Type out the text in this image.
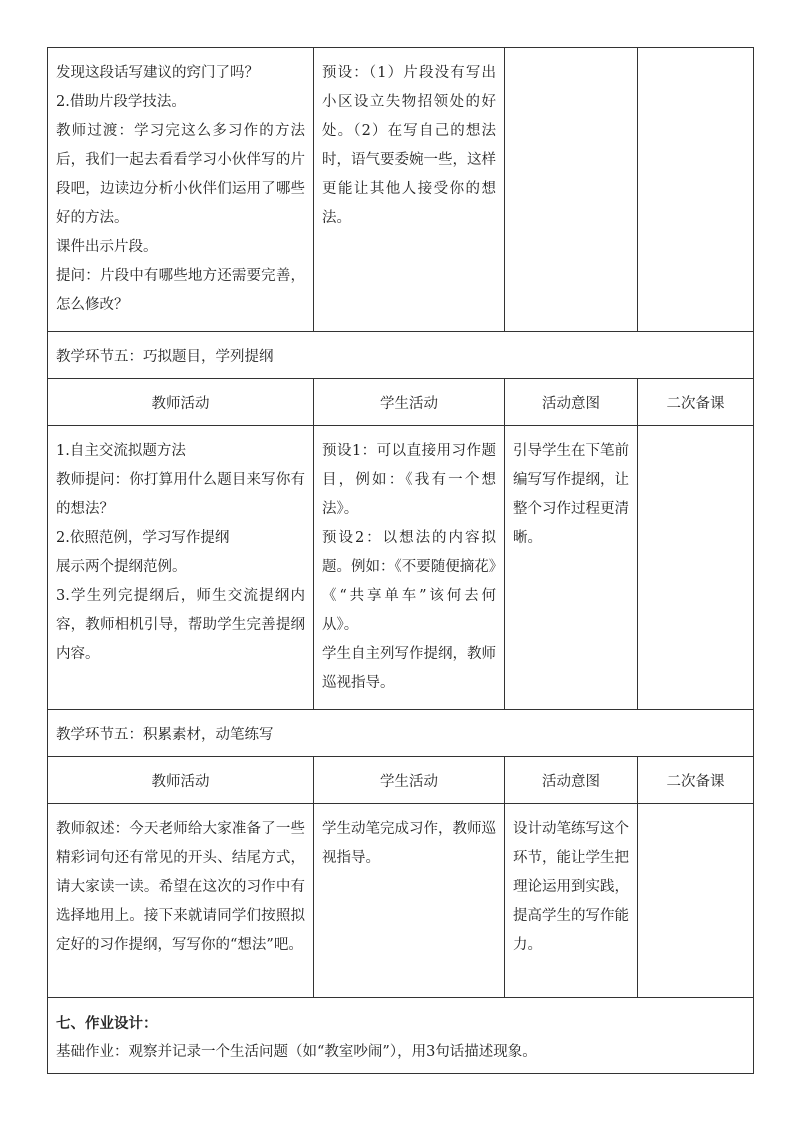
发现这段话写建议的窍门了吗？
2.借助片段学技法。
教师过渡：学习完这么多习作的方法后，我们一起去看看学习小伙伴写的片段吧，边读边分析小伙伴们运用了哪些好的方法。
课件出示片段。
提问：片段中有哪些地方还需要完善，怎么修改？	预设：（1）片段没有写出小区设立失物招领处的好处。（2）在写自己的想法时，语气要委婉一些，这样更能让其他人接受你的想法。		

教学环节五：巧拟题目，学列提纲			
教师活动	学生活动	活动意图	二次备课

1.自主交流拟题方法
教师提问：你打算用什么题目来写你有的想法？
2.依照范例，学习写作提纲
展示两个提纲范例。
3.学生列完提纲后，师生交流提纲内容，教师相机引导，帮助学生完善提纲内容。	预设1：可以直接用习作题目，例如：《我有一个想法》。
预设2：以想法的内容拟题。例如：《不要随便摘花》《“共享单车”该何去何从》。
学生自主列写作提纲，教师巡视指导。	引导学生在下笔前编写写作提纲，让整个习作过程更清晰。	

教学环节五：积累素材，动笔练写			
教师活动	学生活动	活动意图	二次备课

教师叙述：今天老师给大家准备了一些精彩词句还有常见的开头、结尾方式，请大家读一读。希望在这次的习作中有选择地用上。接下来就请同学们按照拟定好的习作提纲，写写你的“想法”吧。	学生动笔完成习作，教师巡视指导。	设计动笔练写这个环节，能让学生把理论运用到实践，提高学生的写作能力。	

七、作业设计：
基础作业：观察并记录一个生活问题（如“教室吵闹”），用3句话描述现象。			
